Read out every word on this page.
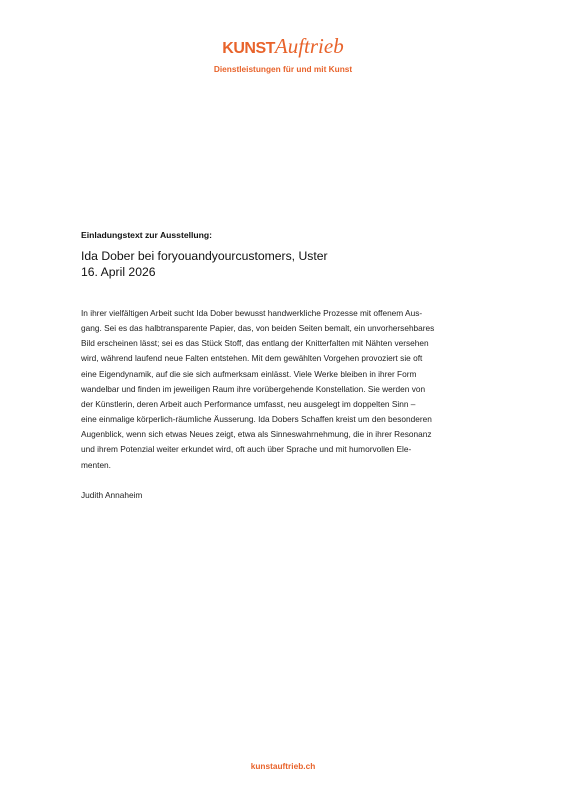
KUNSTAuftrieb
Dienstleistungen für und mit Kunst
Einladungstext zur Ausstellung:
Ida Dober bei foryouandyourcustomers, Uster
16. April 2026
In ihrer vielfältigen Arbeit sucht Ida Dober bewusst handwerkliche Prozesse mit offenem Aus-
gang. Sei es das halbtransparente Papier, das, von beiden Seiten bemalt, ein unvorhersehbares
Bild erscheinen lässt; sei es das Stück Stoff, das entlang der Knitterfalten mit Nähten versehen
wird, während laufend neue Falten entstehen. Mit dem gewählten Vorgehen provoziert sie oft
eine Eigendynamik, auf die sie sich aufmerksam einlässt. Viele Werke bleiben in ihrer Form
wandelbar und finden im jeweiligen Raum ihre vorübergehende Konstellation. Sie werden von
der Künstlerin, deren Arbeit auch Performance umfasst, neu ausgelegt im doppelten Sinn –
eine einmalige körperlich-räumliche Äusserung. Ida Dobers Schaffen kreist um den besonderen
Augenblick, wenn sich etwas Neues zeigt, etwa als Sinneswahrnehmung, die in ihrer Resonanz
und ihrem Potenzial weiter erkundet wird, oft auch über Sprache und mit humorvollen Ele-
menten.
Judith Annaheim
kunstauftrieb.ch
